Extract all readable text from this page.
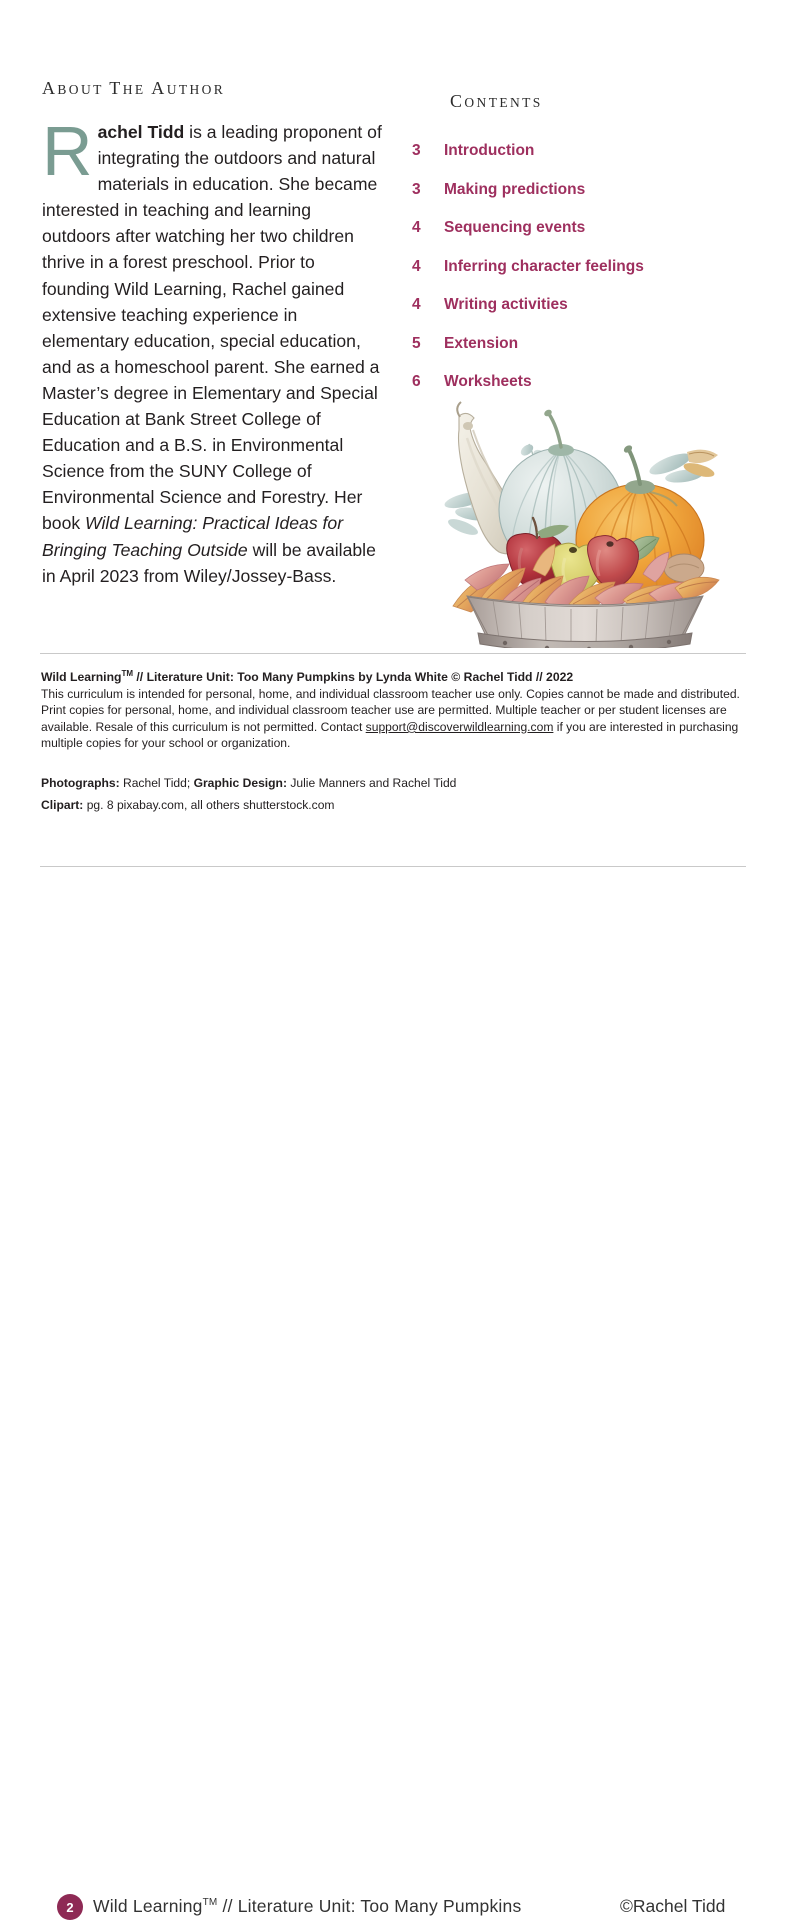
ABOUT THE AUTHOR
Rachel Tidd is a leading proponent of integrating the outdoors and natural materials in education. She became interested in teaching and learning outdoors after watching her two children thrive in a forest preschool. Prior to founding Wild Learning, Rachel gained extensive teaching experience in elementary education, special education, and as a homeschool parent. She earned a Master’s degree in Elementary and Special Education at Bank Street College of Education and a B.S. in Environmental Science from the SUNY College of Environmental Science and Forestry. Her book Wild Learning: Practical Ideas for Bringing Teaching Outside will be available in April 2023 from Wiley/Jossey-Bass.
CONTENTS
3	Introduction
3	Making predictions
4	Sequencing events
4	Inferring character feelings
4	Writing activities
5	Extension
6	Worksheets
Wild Learning™ // Literature Unit: Too Many Pumpkins by Lynda White © Rachel Tidd // 2022
This curriculum is intended for personal, home, and individual classroom teacher use only. Copies cannot be made and distributed. Print copies for personal, home, and individual classroom teacher use are permitted. Multiple teacher or per student licenses are available. Resale of this curriculum is not permitted. Contact support@discoverwildlearning.com if you are interested in purchasing multiple copies for your school or organization.
Photographs: Rachel Tidd; Graphic Design: Julie Manners and Rachel Tidd
Clipart: pg. 8 pixabay.com, all others shutterstock.com
2	Wild Learning™ // Literature Unit: Too Many Pumpkins	©Rachel Tidd
